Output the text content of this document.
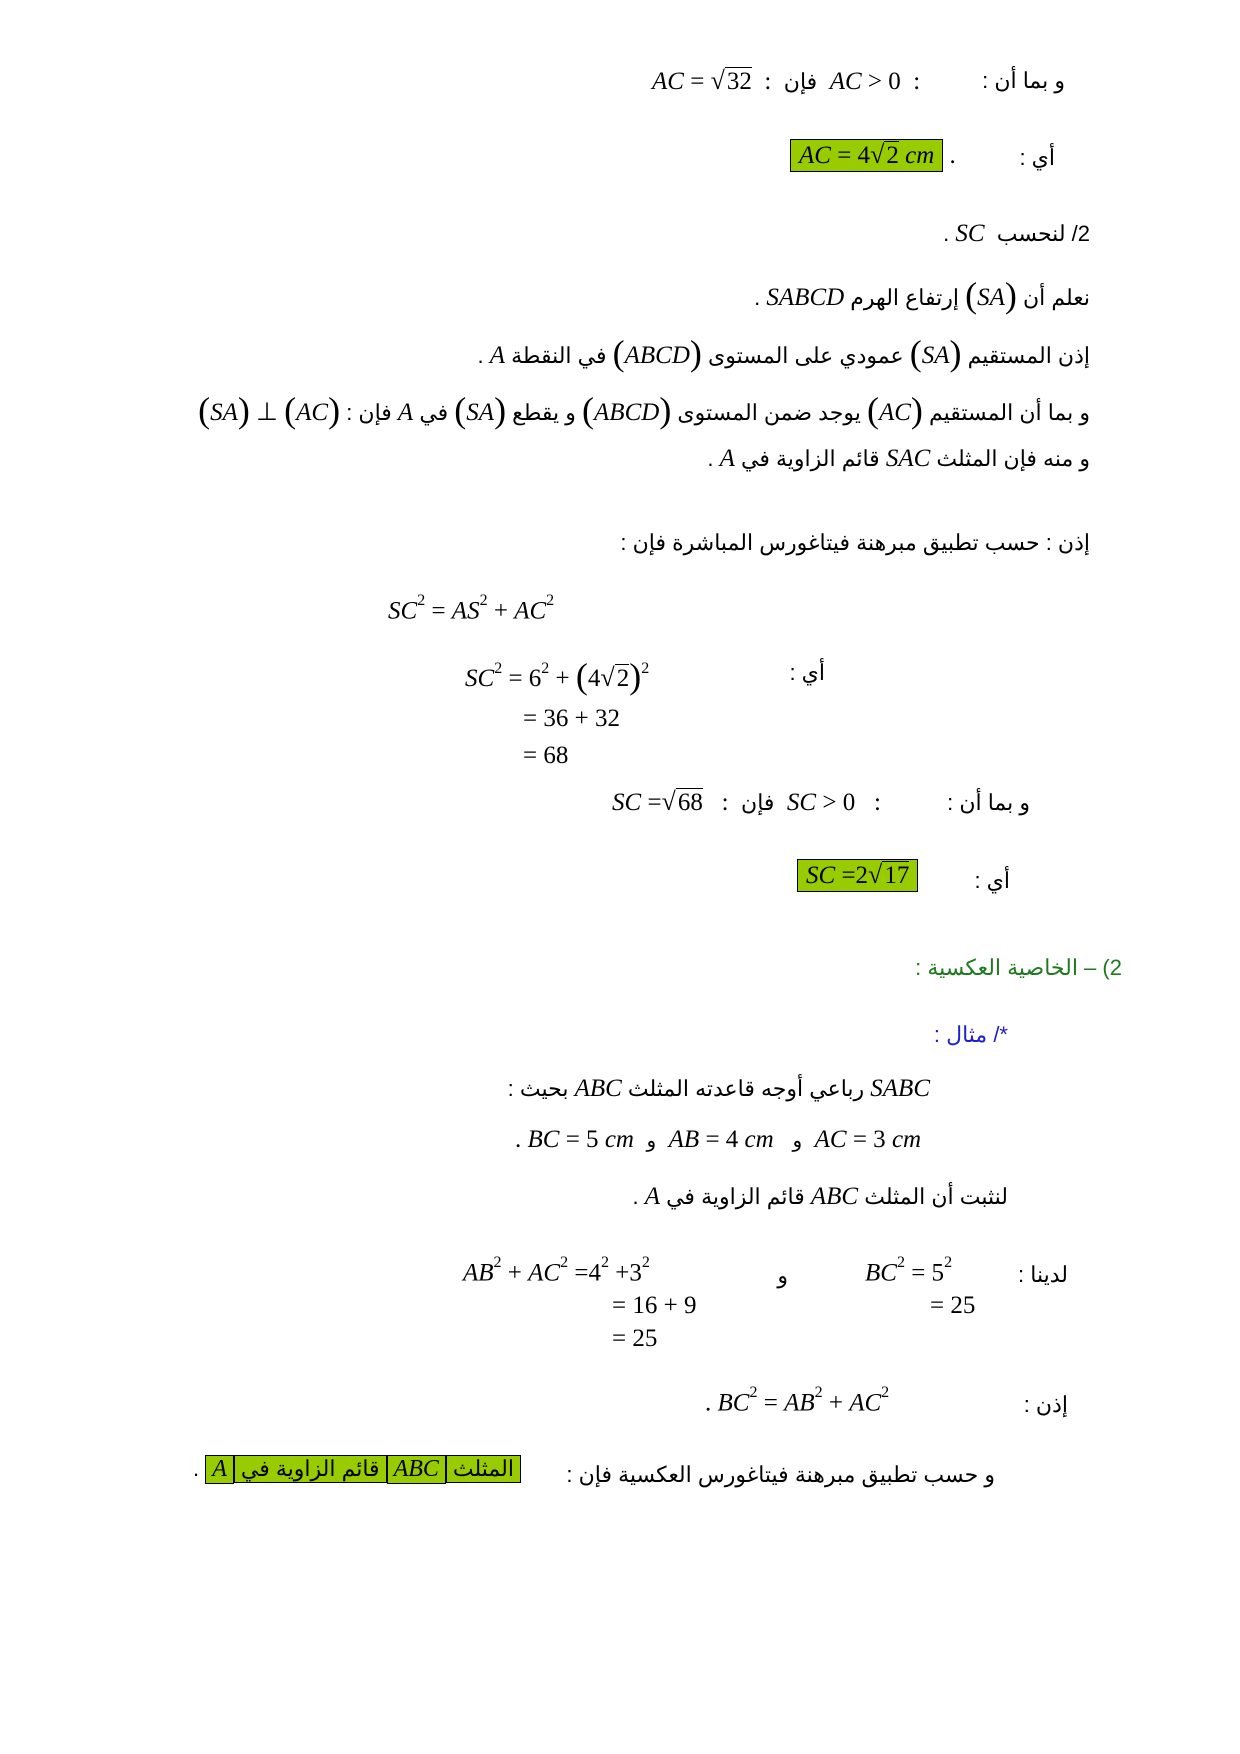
و بما أن :
AC = √32  :  فإن AC > 0  :
أي :
AC = 4√2 cm .
2/ لنحسب  SC .
نعلم أن (SA) إرتفاع الهرم SABCD .
إذن المستقيم (SA) عمودي على المستوى (ABCD) في النقطة A .
و بما أن المستقيم (AC) يوجد ضمن المستوى (ABCD) و يقطع (SA) في A فإن : (AC) ⊥ (SA)
و منه فإن المثلث SAC قائم الزاوية في A .
إذن : حسب تطبيق مبرهنة فيتاغورس المباشرة فإن :
$SC^2 = AS^2 + AC^2$
$SC^2 = 6^2 + (4√2)^2$	أي :
= 36 + 32
= 68
و بما أن :
SC =√68   :  فإن SC > 0   :
أي :
SC =2√17
2) – الخاصية العكسية :
*/ مثال :
SABC رباعي أوجه قاعدته المثلث ABC بحيث :
. BC = 5 cm و AB = 4 cm و AC = 3 cm
لنثبت أن المثلث ABC قائم الزاوية في A .
لدينا :
$BC^2 = 5^2$
= 25
و
$AB^2 + AC^2 =4^2 +3^2$
= 16 + 9
= 25
إذن :
. $BC^2 = AB^2 + AC^2$
و حسب تطبيق مبرهنة فيتاغورس العكسية فإن :
المثلثABCقائم الزاوية فيA .
